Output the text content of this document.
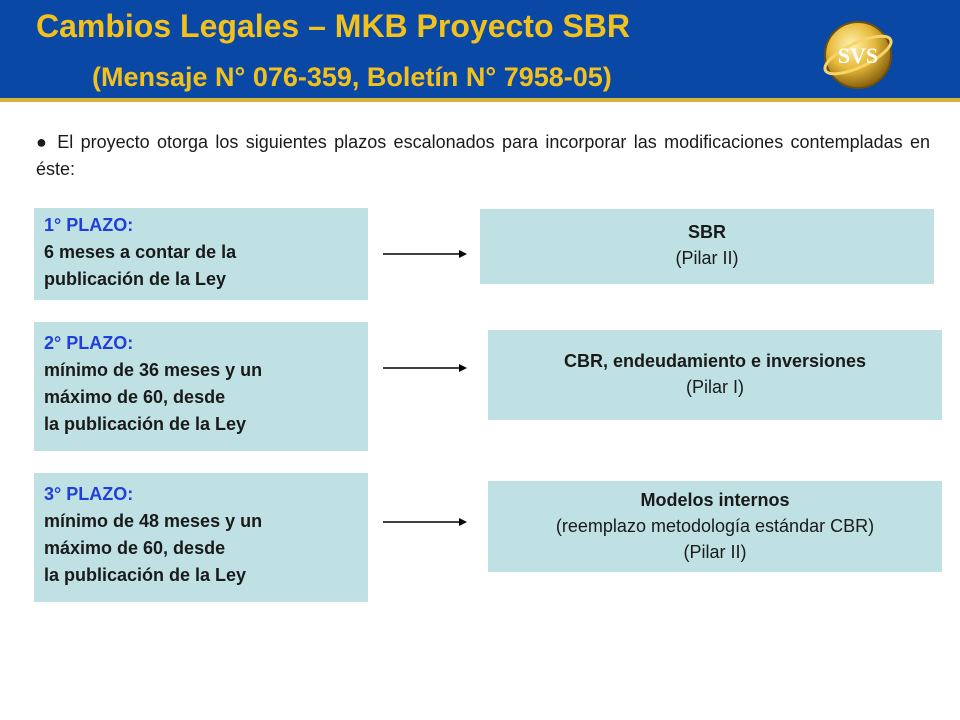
Cambios Legales – MKB Proyecto SBR
(Mensaje N° 076-359, Boletín N° 7958-05)
SVS
● El proyecto otorga los siguientes plazos escalonados para incorporar las modificaciones contempladas en éste:
1° PLAZO:
6 meses a contar de la
publicación de la Ley
SBR
(Pilar II)
2° PLAZO:
mínimo de 36 meses y un
máximo de 60, desde
la publicación de la Ley
CBR, endeudamiento e inversiones
(Pilar I)
3° PLAZO:
mínimo de 48 meses y un
máximo de 60, desde
la publicación de la Ley
Modelos internos
(reemplazo metodología estándar CBR)
(Pilar II)
